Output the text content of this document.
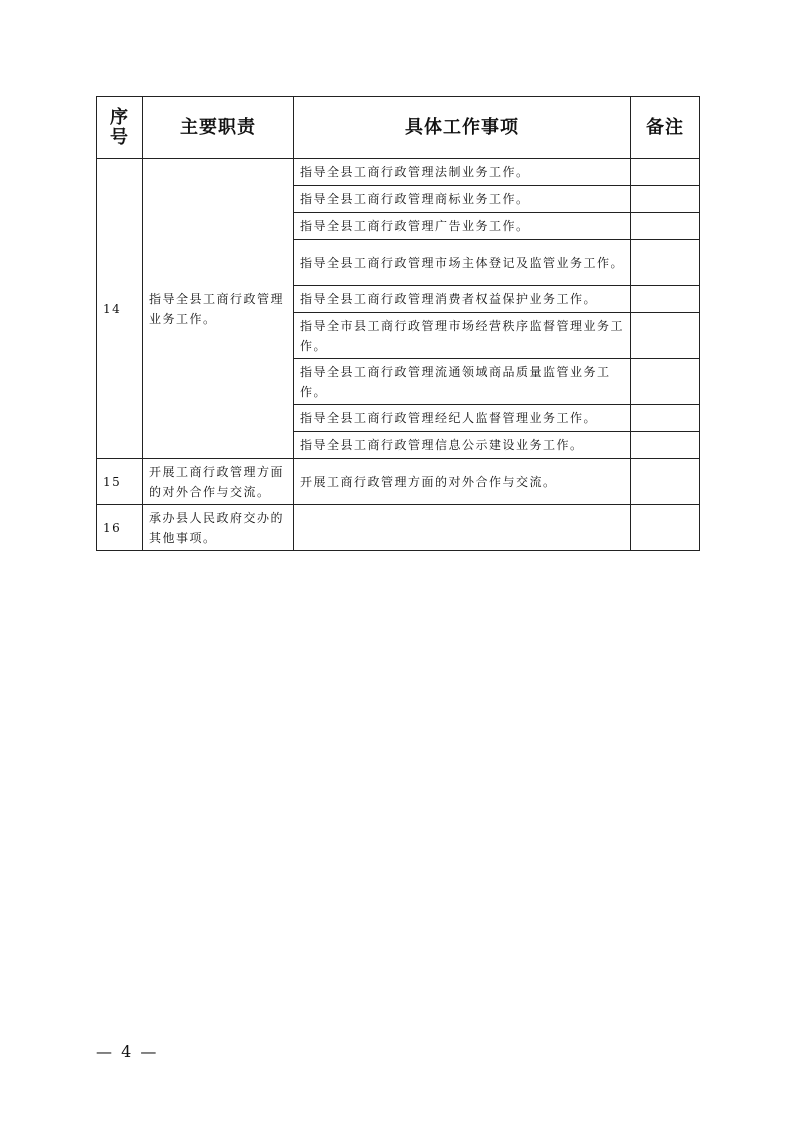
序
号	主要职责	具体工作事项	备注
14	指导全县工商行政管理业务工作。	指导全县工商行政管理法制业务工作。	
		指导全县工商行政管理商标业务工作。	
		指导全县工商行政管理广告业务工作。	
		指导全县工商行政管理市场主体登记及监管业务工作。	
		指导全县工商行政管理消费者权益保护业务工作。	
		指导全市县工商行政管理市场经营秩序监督管理业务工作。	
		指导全县工商行政管理流通领域商品质量监管业务工作。	
		指导全县工商行政管理经纪人监督管理业务工作。	
		指导全县工商行政管理信息公示建设业务工作。	
15	开展工商行政管理方面的对外合作与交流。	开展工商行政管理方面的对外合作与交流。	
16	承办县人民政府交办的其他事项。		
— 4 —
